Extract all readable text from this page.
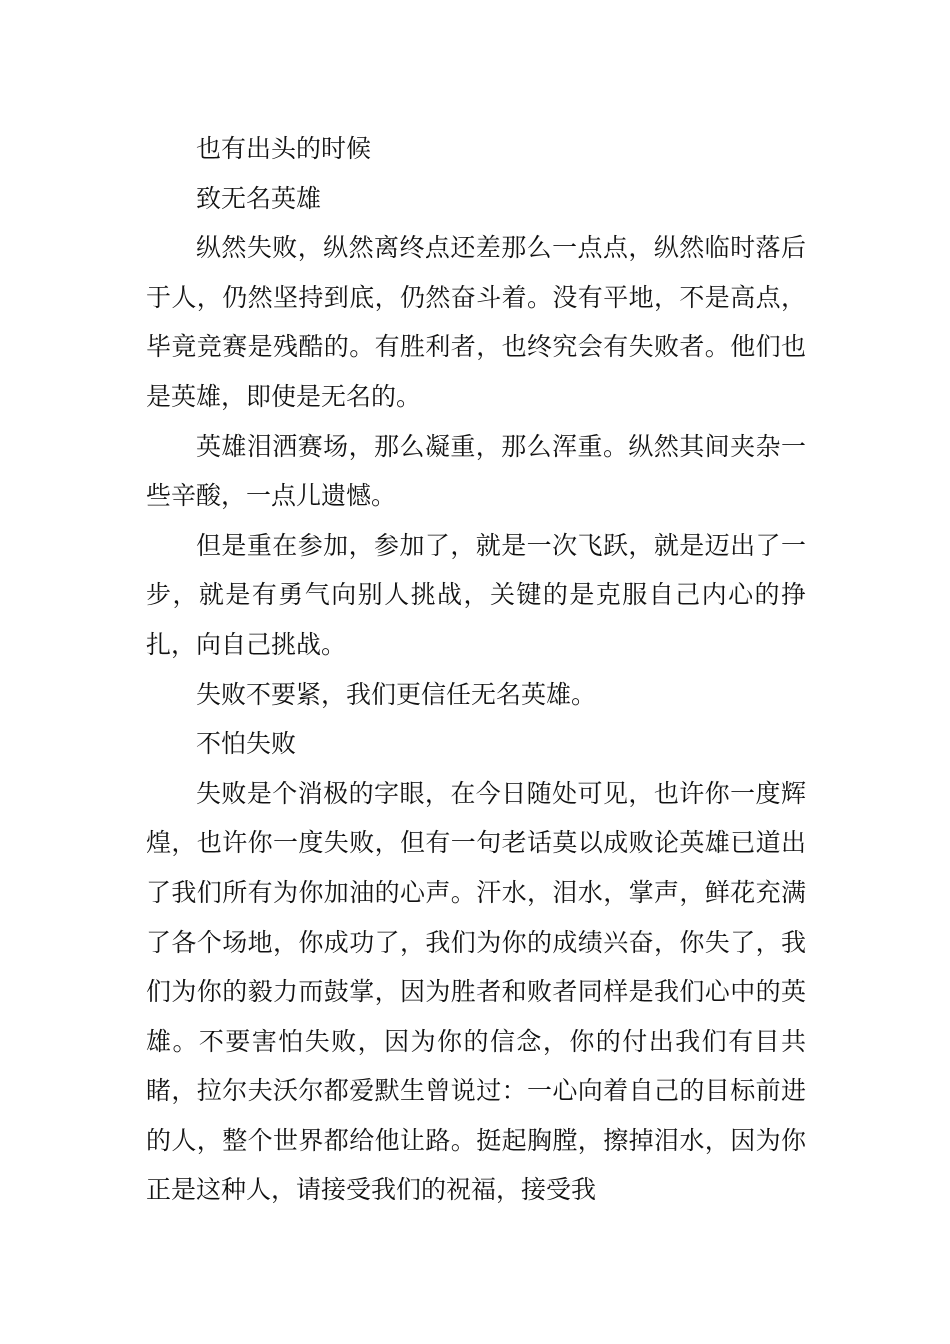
也有出头的时候

致无名英雄

纵然失败，纵然离终点还差那么一点点，纵然临时落后于人，仍然坚持到底，仍然奋斗着。没有平地，不是高点，毕竟竞赛是残酷的。有胜利者，也终究会有失败者。他们也是英雄，即使是无名的。

英雄泪洒赛场，那么凝重，那么浑重。纵然其间夹杂一些辛酸，一点儿遗憾。

但是重在参加，参加了，就是一次飞跃，就是迈出了一步，就是有勇气向别人挑战，关键的是克服自己内心的挣扎，向自己挑战。

失败不要紧，我们更信任无名英雄。

不怕失败

失败是个消极的字眼，在今日随处可见，也许你一度辉煌，也许你一度失败，但有一句老话莫以成败论英雄已道出了我们所有为你加油的心声。汗水，泪水，掌声，鲜花充满了各个场地，你成功了，我们为你的成绩兴奋，你失了，我们为你的毅力而鼓掌，因为胜者和败者同样是我们心中的英雄。不要害怕失败，因为你的信念，你的付出我们有目共睹，拉尔夫沃尔都爱默生曾说过：一心向着自己的目标前进的人，整个世界都给他让路。挺起胸膛，擦掉泪水，因为你正是这种人，请接受我们的祝福，接受我
